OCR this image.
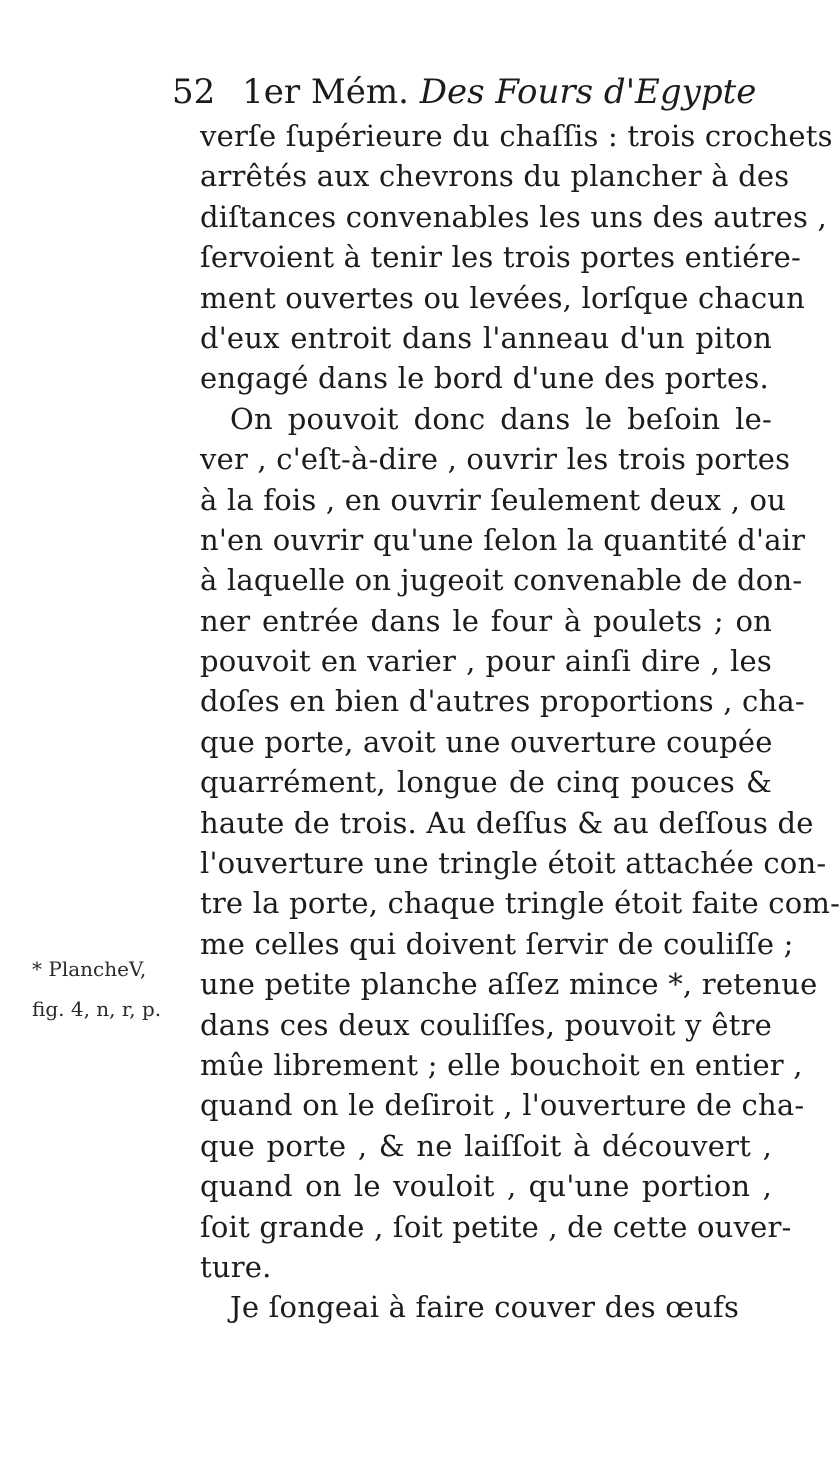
52 1er Mém. Des Fours d'Egypte
* PlancheV,
fig. 4, n, r, p.
verſe ſupérieure du chaſſis : trois crochets
arrêtés aux chevrons du plancher à des
diſtances convenables les uns des autres ,
ſervoient à tenir les trois portes entiére-
ment ouvertes ou levées, lorſque chacun
d'eux entroit dans l'anneau d'un piton
engagé dans le bord d'une des portes.
On pouvoit donc dans le beſoin le-
ver , c'eſt-à-dire , ouvrir les trois portes
à la fois , en ouvrir ſeulement deux , ou
n'en ouvrir qu'une ſelon la quantité d'air
à laquelle on jugeoit convenable de don-
ner entrée dans le four à poulets ; on
pouvoit en varier , pour ainſi dire , les
doſes en bien d'autres proportions , cha-
que porte, avoit une ouverture coupée
quarrément, longue de cinq pouces &
haute de trois. Au deſſus & au deſſous de
l'ouverture une tringle étoit attachée con-
tre la porte, chaque tringle étoit faite com-
me celles qui doivent ſervir de couliſſe ;
une petite planche aſſez mince *, retenue
dans ces deux couliſſes, pouvoit y être
mûe librement ; elle bouchoit en entier ,
quand on le deſiroit , l'ouverture de cha-
que porte , & ne laiſſoit à découvert ,
quand on le vouloit , qu'une portion ,
ſoit grande , ſoit petite , de cette ouver-
ture.
Je ſongeai à faire couver des œufs
